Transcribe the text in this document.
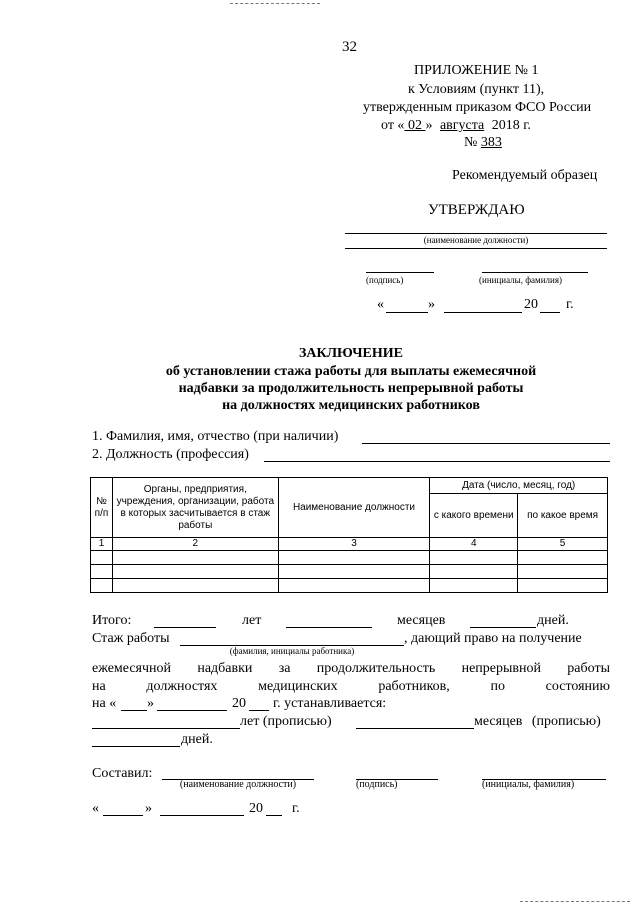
32
ПРИЛОЖЕНИЕ № 1
к Условиям (пункт 11),
утвержденным приказом ФСО России
от « 02 » августа 2018 г.
№ 383
Рекомендуемый образец
УТВЕРЖДАЮ
(наименование должности)
(подпись)	(инициалы, фамилия)
«	»	20 г.
ЗАКЛЮЧЕНИЕ
об установлении стажа работы для выплаты ежемесячной
надбавки за продолжительность непрерывной работы
на должностях медицинских работников
1. Фамилия, имя, отчество (при наличии)
2. Должность (профессия)
№ п/п	Органы, предприятия, учреждения, организации, работа в которых засчитывается в стаж работы	Наименование должности	Дата (число, месяц, год)	
			с какого времени	по какое время
1	2	3	4	5

Итого:	лет	месяцев	дней.
Стаж работы
(фамилия, инициалы работника)
, дающий право на получение
ежемесячной надбавки за продолжительность непрерывной работы
на должностях медицинских работников, по состоянию
на « »	20 г. устанавливается:
лет (прописью)	месяцев (прописью)
дней.
Составил:
(наименование должности)	(подпись)	(инициалы, фамилия)
«	»	20 г.
